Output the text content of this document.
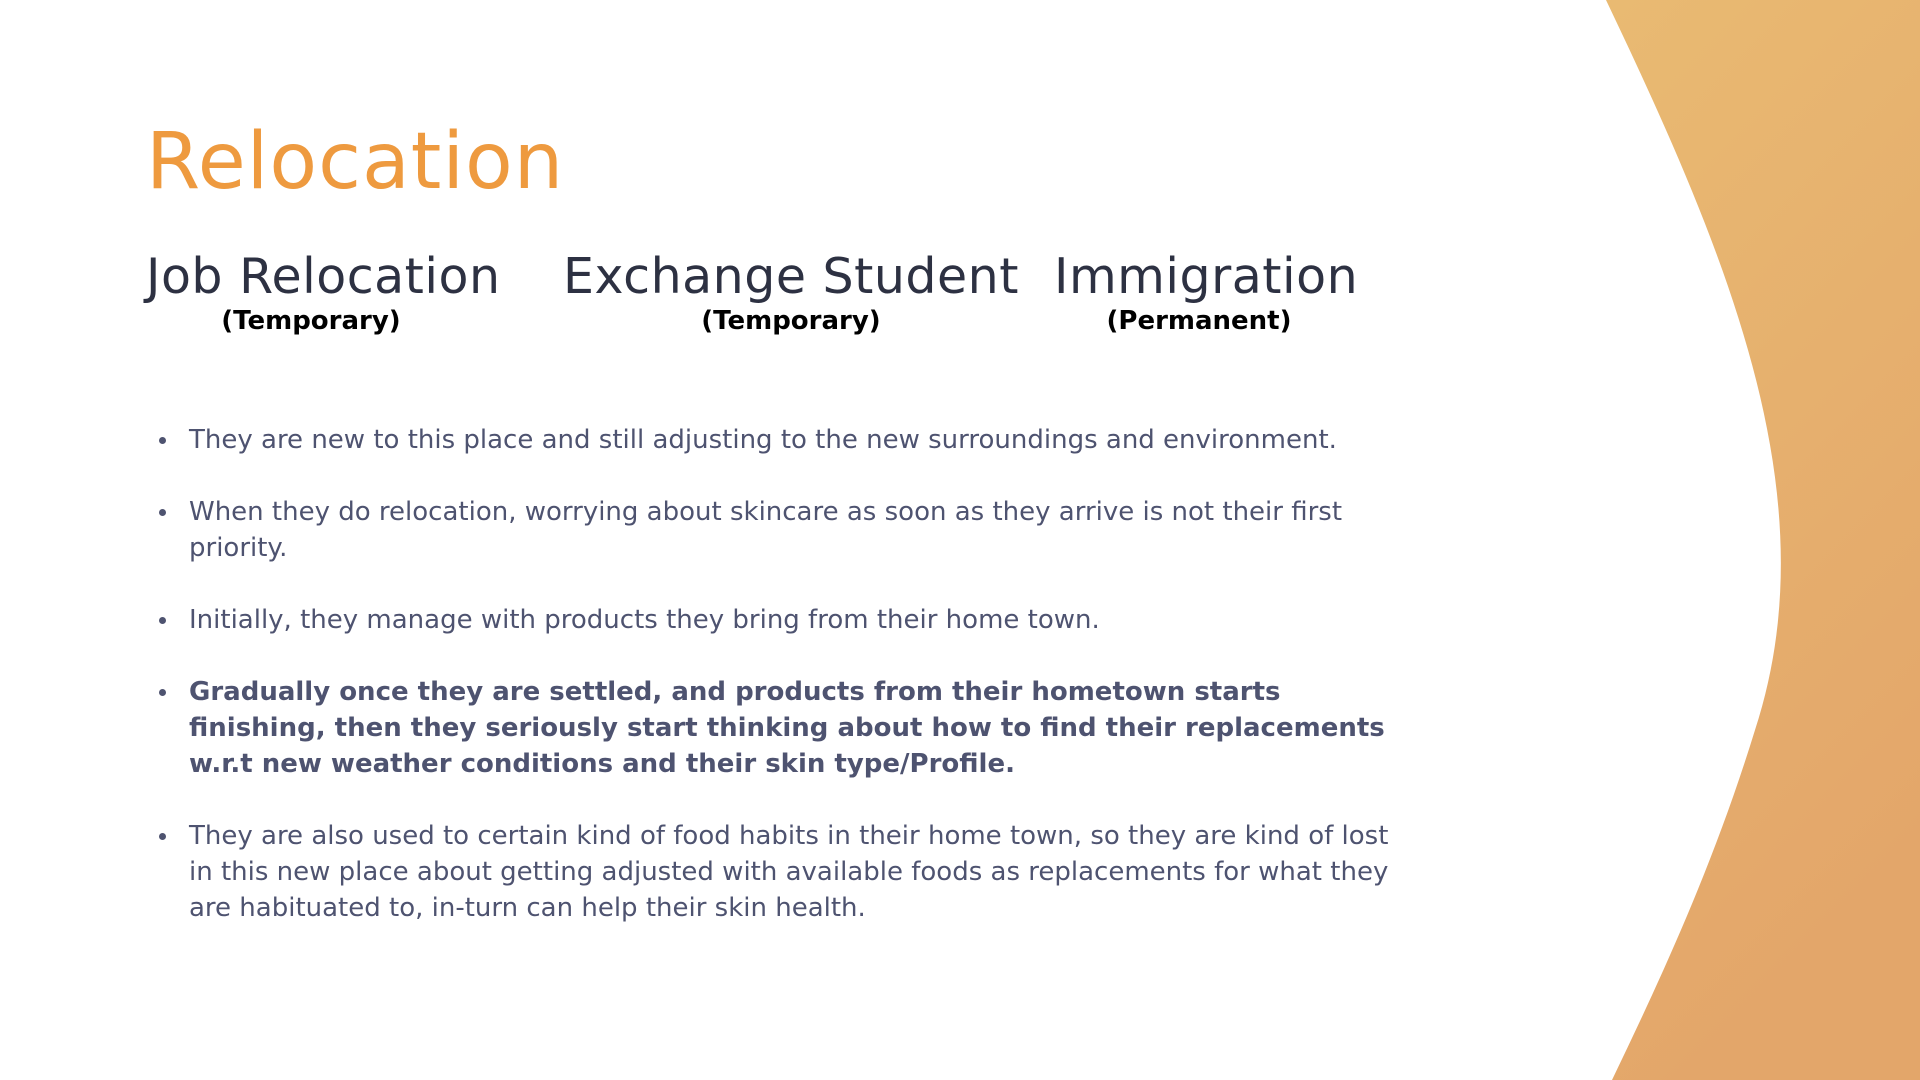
Relocation
Job Relocation
(Temporary)
Exchange Student
(Temporary)
Immigration
(Permanent)
They are new to this place and still adjusting to the new surroundings and environment.
When they do relocation, worrying about skincare as soon as they arrive is not their first priority.
Initially, they manage with products they bring from their home town.
Gradually once they are settled, and products from their hometown starts finishing, then they seriously start thinking about how to find their replacements w.r.t new weather conditions and their skin type/Profile.
They are also used to certain kind of food habits in their home town, so they are kind of lost in this new place about getting adjusted with available foods as replacements for what they are habituated to, in-turn can help their skin health.
